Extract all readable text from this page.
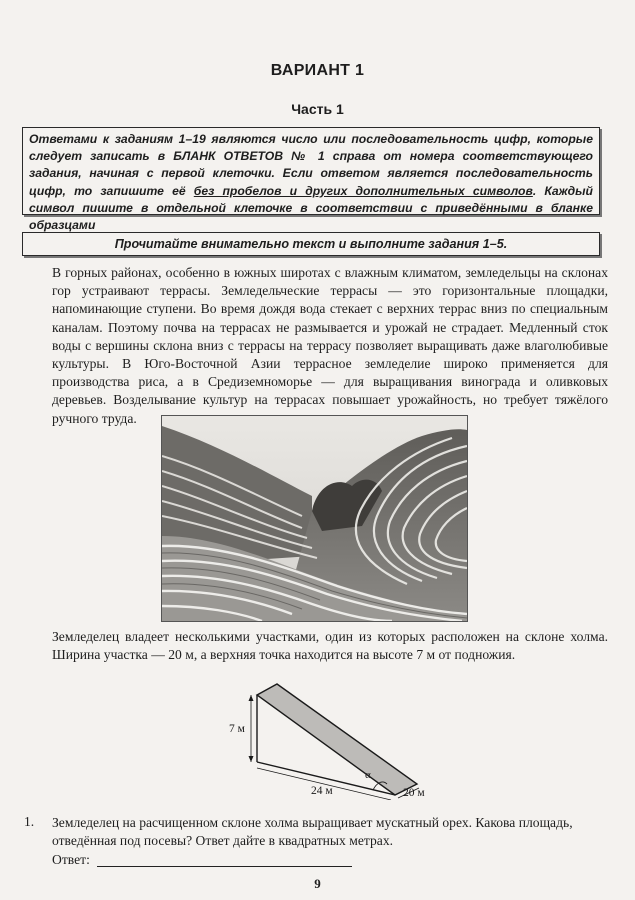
ВАРИАНТ 1
Часть 1
Ответами к заданиям 1–19 являются число или последовательность цифр, которые следует записать в БЛАНК ОТВЕТОВ № 1 справа от номера соответствующего задания, начиная с первой клеточки. Если ответом является последовательность цифр, то запишите её без пробелов и других дополнительных символов. Каждый символ пишите в отдельной клеточке в соответствии с приведёнными в бланке образцами
Прочитайте внимательно текст и выполните задания 1–5.
В горных районах, особенно в южных широтах с влажным климатом, земледельцы на склонах гор устраивают террасы. Земледельческие террасы — это горизонтальные площадки, напоминающие ступени. Во время дождя вода стекает с верхних террас вниз по специальным каналам. Поэтому почва на террасах не размывается и урожай не страдает. Медленный сток воды с вершины склона вниз с террасы на террасу позволяет выращивать даже влаголюбивые культуры. В Юго-Восточной Азии террасное земледелие широко применяется для производства риса, а в Средиземноморье — для выращивания винограда и оливковых деревьев. Возделывание культур на террасах повышает урожайность, но требует тяжёлого ручного труда.
Земледелец владеет несколькими участками, один из которых расположен на склоне холма. Ширина участка — 20 м, а верхняя точка находится на высоте 7 м от подножия.
7 м
24 м	20 м
α
1. Земледелец на расчищенном склоне холма выращивает мускатный орех. Какова площадь, отведённая под посевы? Ответ дайте в квадратных метрах.
Ответ:
9
